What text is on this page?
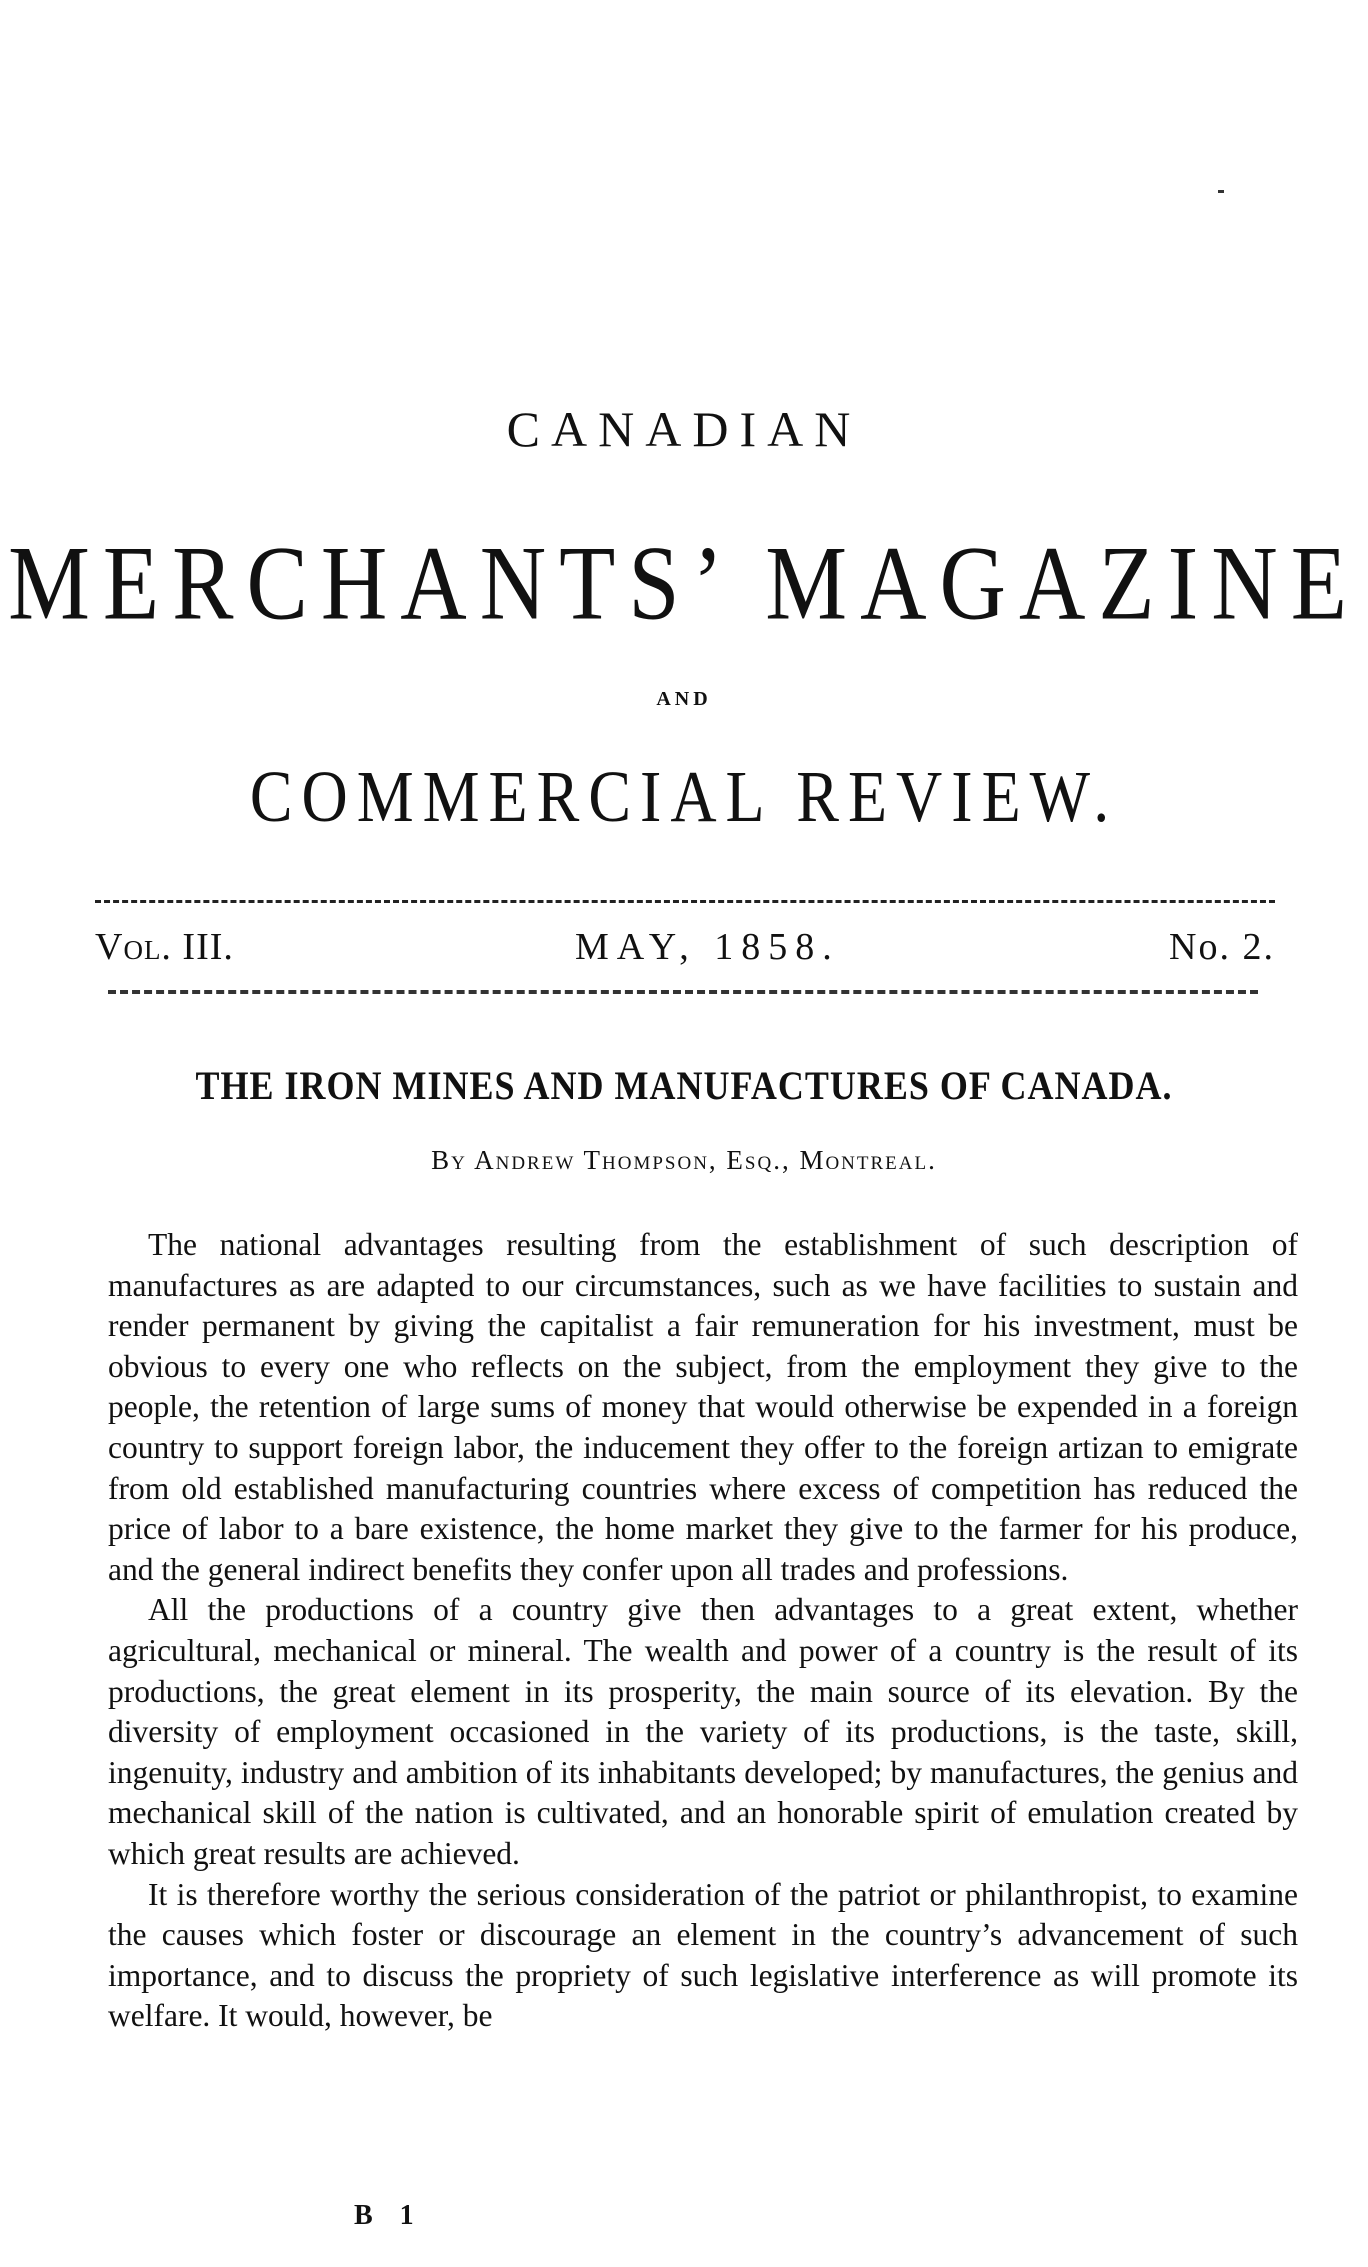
CANADIAN
MERCHANTS’ MAGAZINE
AND
COMMERCIAL REVIEW.
Vol. III.	MAY, 1858.	No. 2.
THE IRON MINES AND MANUFACTURES OF CANADA.
By Andrew Thompson, Esq., Montreal.

The national advantages resulting from the establishment of such description of manufactures as are adapted to our circumstances, such as we have facilities to sustain and render permanent by giving the capitalist a fair remuneration for his investment, must be obvious to every one who reflects on the subject, from the employment they give to the people, the retention of large sums of money that would otherwise be expended in a foreign country to support foreign labor, the inducement they offer to the foreign artizan to emigrate from old established manufacturing countries where excess of competition has reduced the price of labor to a bare existence, the home market they give to the farmer for his produce, and the general indirect benefits they confer upon all trades and professions.

All the productions of a country give then advantages to a great extent, whether agricultural, mechanical or mineral. The wealth and power of a country is the result of its productions, the great element in its prosperity, the main source of its elevation. By the diversity of employment occasioned in the variety of its productions, is the taste, skill, ingenuity, industry and ambition of its inhabitants developed; by manufactures, the genius and mechanical skill of the nation is cultivated, and an honorable spirit of emulation created by which great results are achieved.

It is therefore worthy the serious consideration of the patriot or philanthropist, to examine the causes which foster or discourage an element in the country’s advancement of such importance, and to discuss the propriety of such legislative interference as will promote its welfare. It would, however, be

B 1
